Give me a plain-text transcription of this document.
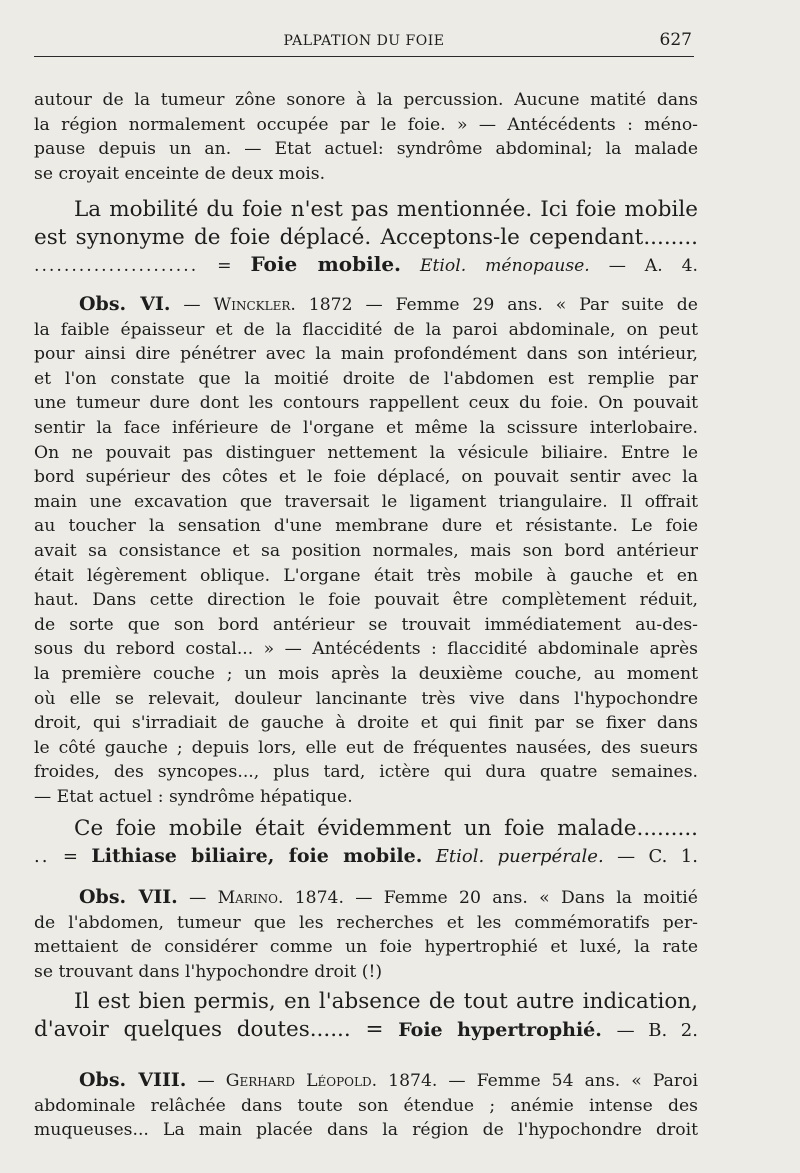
PALPATION DU FOIE	627
autour de la tumeur zône sonore à la percussion. Aucune matité dans
la région normalement occupée par le foie. » — Antécédents : méno-
pause depuis un an. — Etat actuel: syndrôme abdominal; la malade
se croyait enceinte de deux mois.
La mobilité du foie n'est pas mentionnée. Ici foie mobile
est synonyme de foie déplacé. Acceptons-le cependant........
...................... = Foie mobile. Etiol. ménopause. — A. 4.
Obs. VI. — Winckler. 1872 — Femme 29 ans. « Par suite de
la faible épaisseur et de la flaccidité de la paroi abdominale, on peut
pour ainsi dire pénétrer avec la main profondément dans son intérieur,
et l'on constate que la moitié droite de l'abdomen est remplie par
une tumeur dure dont les contours rappellent ceux du foie. On pouvait
sentir la face inférieure de l'organe et même la scissure interlobaire.
On ne pouvait pas distinguer nettement la vésicule biliaire. Entre le
bord supérieur des côtes et le foie déplacé, on pouvait sentir avec la
main une excavation que traversait le ligament triangulaire. Il offrait
au toucher la sensation d'une membrane dure et résistante. Le foie
avait sa consistance et sa position normales, mais son bord antérieur
était légèrement oblique. L'organe était très mobile à gauche et en
haut. Dans cette direction le foie pouvait être complètement réduit,
de sorte que son bord antérieur se trouvait immédiatement au-des-
sous du rebord costal... » — Antécédents : flaccidité abdominale après
la première couche ; un mois après la deuxième couche, au moment
où elle se relevait, douleur lancinante très vive dans l'hypochondre
droit, qui s'irradiait de gauche à droite et qui finit par se fixer dans
le côté gauche ; depuis lors, elle eut de fréquentes nausées, des sueurs
froides, des syncopes..., plus tard, ictère qui dura quatre semaines.
— Etat actuel : syndrôme hépatique.
Ce foie mobile était évidemment un foie malade.........
.. = Lithiase biliaire, foie mobile. Etiol. puerpérale. — C. 1.
Obs. VII. — Marino. 1874. — Femme 20 ans. « Dans la moitié
de l'abdomen, tumeur que les recherches et les commémoratifs per-
mettaient de considérer comme un foie hypertrophié et luxé, la rate
se trouvant dans l'hypochondre droit (!)
Il est bien permis, en l'absence de tout autre indication,
d'avoir quelques doutes...... = Foie hypertrophié. — B. 2.
Obs. VIII. — Gerhard Léopold. 1874. — Femme 54 ans. « Paroi
abdominale relâchée dans toute son étendue ; anémie intense des
muqueuses... La main placée dans la région de l'hypochondre droit
